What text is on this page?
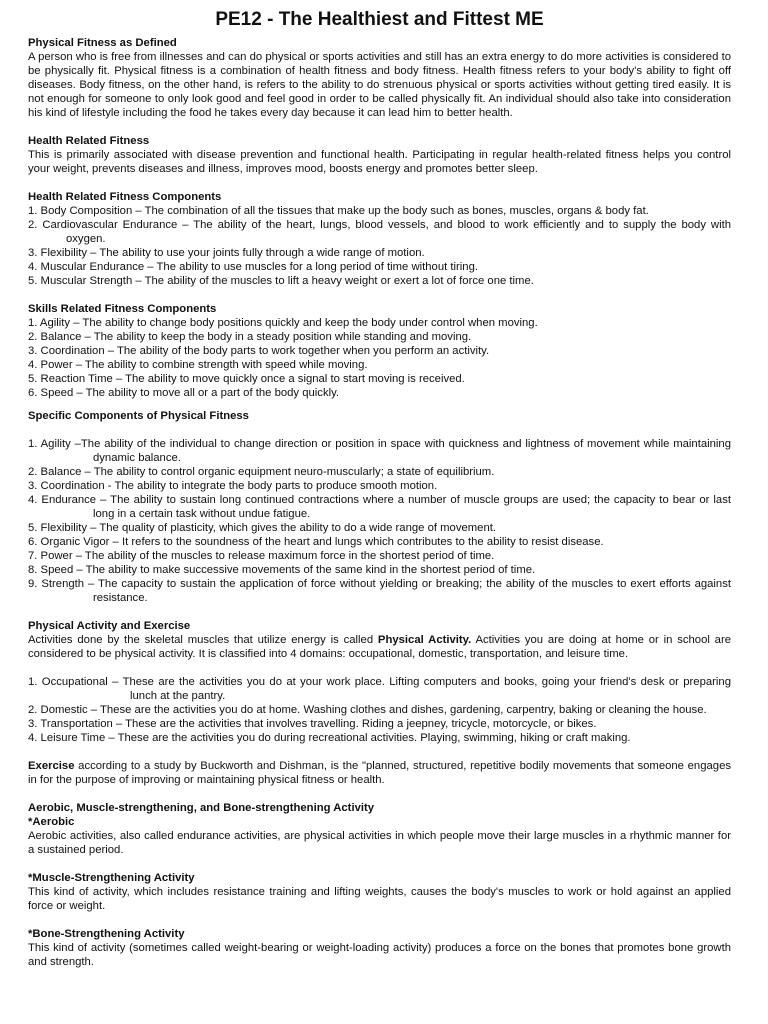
PE12 - The Healthiest and Fittest ME
Physical Fitness as Defined

A person who is free from illnesses and can do physical or sports activities and still has an extra energy to do more activities is considered to be physically fit. Physical fitness is a combination of health fitness and body fitness. Health fitness refers to your body's ability to fight off diseases. Body fitness, on the other hand, is refers to the ability to do strenuous physical or sports activities without getting tired easily. It is not enough for someone to only look good and feel good in order to be called physically fit. An individual should also take into consideration his kind of lifestyle including the food he takes every day because it can lead him to better health.

Health Related Fitness

This is primarily associated with disease prevention and functional health. Participating in regular health-related fitness helps you control your weight, prevents diseases and illness, improves mood, boosts energy and promotes better sleep.

Health Related Fitness Components
1. Body Composition – The combination of all the tissues that make up the body such as bones, muscles, organs & body fat.
2. Cardiovascular Endurance – The ability of the heart, lungs, blood vessels, and blood to work efficiently and to supply the body with oxygen.
3. Flexibility – The ability to use your joints fully through a wide range of motion.
4. Muscular Endurance – The ability to use muscles for a long period of time without tiring.
5. Muscular Strength – The ability of the muscles to lift a heavy weight or exert a lot of force one time.
Skills Related Fitness Components
1. Agility – The ability to change body positions quickly and keep the body under control when moving.
2. Balance – The ability to keep the body in a steady position while standing and moving.
3. Coordination – The ability of the body parts to work together when you perform an activity.
4. Power – The ability to combine strength with speed while moving.
5. Reaction Time – The ability to move quickly once a signal to start moving is received.
6. Speed – The ability to move all or a part of the body quickly.
Specific Components of Physical Fitness
1. Agility –The ability of the individual to change direction or position in space with quickness and lightness of movement while maintaining dynamic balance.
2. Balance – The ability to control organic equipment neuro-muscularly; a state of equilibrium.
3. Coordination - The ability to integrate the body parts to produce smooth motion.
4. Endurance – The ability to sustain long continued contractions where a number of muscle groups are used; the capacity to bear or last long in a certain task without undue fatigue.
5. Flexibility – The quality of plasticity, which gives the ability to do a wide range of movement.
6. Organic Vigor – It refers to the soundness of the heart and lungs which contributes to the ability to resist disease.
7. Power – The ability of the muscles to release maximum force in the shortest period of time.
8. Speed – The ability to make successive movements of the same kind in the shortest period of time.
9. Strength – The capacity to sustain the application of force without yielding or breaking; the ability of the muscles to exert efforts against resistance.
Physical Activity and Exercise

Activities done by the skeletal muscles that utilize energy is called Physical Activity. Activities you are doing at home or in school are considered to be physical activity. It is classified into 4 domains: occupational, domestic, transportation, and leisure time.

1. Occupational – These are the activities you do at your work place. Lifting computers and books, going your friend's desk or preparing lunch at the pantry.
2. Domestic – These are the activities you do at home. Washing clothes and dishes, gardening, carpentry, baking or cleaning the house.
3. Transportation – These are the activities that involves travelling. Riding a jeepney, tricycle, motorcycle, or bikes.
4. Leisure Time – These are the activities you do during recreational activities. Playing, swimming, hiking or craft making.

Exercise according to a study by Buckworth and Dishman, is the "planned, structured, repetitive bodily movements that someone engages in for the purpose of improving or maintaining physical fitness or health.

Aerobic, Muscle-strengthening, and Bone-strengthening Activity
*Aerobic

Aerobic activities, also called endurance activities, are physical activities in which people move their large muscles in a rhythmic manner for a sustained period.

*Muscle-Strengthening Activity

This kind of activity, which includes resistance training and lifting weights, causes the body's muscles to work or hold against an applied force or weight.

*Bone-Strengthening Activity

This kind of activity (sometimes called weight-bearing or weight-loading activity) produces a force on the bones that promotes bone growth and strength.
